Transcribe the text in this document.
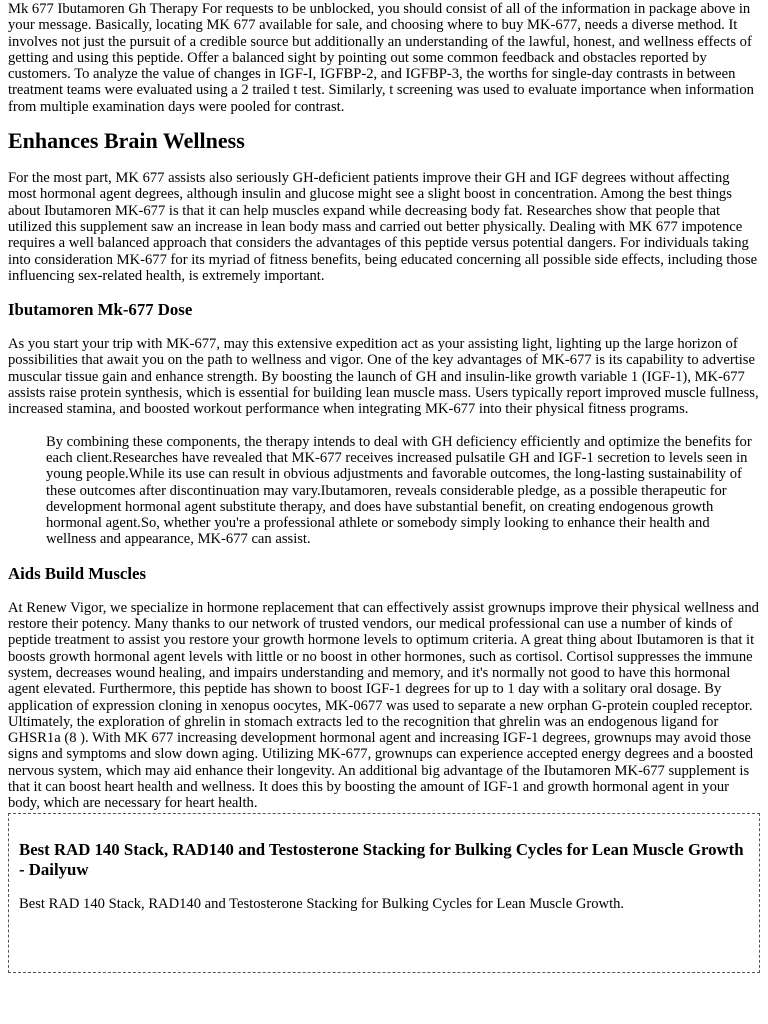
Mk 677 Ibutamoren Gh Therapy For requests to be unblocked, you should consist of all of the information in package above in your message. Basically, locating MK 677 available for sale, and choosing where to buy MK-677, needs a diverse method. It involves not just the pursuit of a credible source but additionally an understanding of the lawful, honest, and wellness effects of getting and using this peptide. Offer a balanced sight by pointing out some common feedback and obstacles reported by customers. To analyze the value of changes in IGF-I, IGFBP-2, and IGFBP-3, the worths for single-day contrasts in between treatment teams were evaluated using a 2 trailed t test. Similarly, t screening was used to evaluate importance when information from multiple examination days were pooled for contrast.

Enhances Brain Wellness

For the most part, MK 677 assists also seriously GH-deficient patients improve their GH and IGF degrees without affecting most hormonal agent degrees, although insulin and glucose might see a slight boost in concentration. Among the best things about Ibutamoren MK-677 is that it can help muscles expand while decreasing body fat. Researches show that people that utilized this supplement saw an increase in lean body mass and carried out better physically. Dealing with MK 677 impotence requires a well balanced approach that considers the advantages of this peptide versus potential dangers. For individuals taking into consideration MK-677 for its myriad of fitness benefits, being educated concerning all possible side effects, including those influencing sex-related health, is extremely important.

Ibutamoren Mk-677 Dose

As you start your trip with MK-677, may this extensive expedition act as your assisting light, lighting up the large horizon of possibilities that await you on the path to wellness and vigor. One of the key advantages of MK-677 is its capability to advertise muscular tissue gain and enhance strength. By boosting the launch of GH and insulin-like growth variable 1 (IGF-1), MK-677 assists raise protein synthesis, which is essential for building lean muscle mass. Users typically report improved muscle fullness, increased stamina, and boosted workout performance when integrating MK-677 into their physical fitness programs.

By combining these components, the therapy intends to deal with GH deficiency efficiently and optimize the benefits for each client.Researches have revealed that MK-677 receives increased pulsatile GH and IGF-1 secretion to levels seen in young people.While its use can result in obvious adjustments and favorable outcomes, the long-lasting sustainability of these outcomes after discontinuation may vary.Ibutamoren, reveals considerable pledge, as a possible therapeutic for development hormonal agent substitute therapy, and does have substantial benefit, on creating endogenous growth hormonal agent.So, whether you're a professional athlete or somebody simply looking to enhance their health and wellness and appearance, MK-677 can assist.
Aids Build Muscles

At Renew Vigor, we specialize in hormone replacement that can effectively assist grownups improve their physical wellness and restore their potency. Many thanks to our network of trusted vendors, our medical professional can use a number of kinds of peptide treatment to assist you restore your growth hormone levels to optimum criteria. A great thing about Ibutamoren is that it boosts growth hormonal agent levels with little or no boost in other hormones, such as cortisol. Cortisol suppresses the immune system, decreases wound healing, and impairs understanding and memory, and it's normally not good to have this hormonal agent elevated. Furthermore, this peptide has shown to boost IGF-1 degrees for up to 1 day with a solitary oral dosage. By application of expression cloning in xenopus oocytes, MK-0677 was used to separate a new orphan G-protein coupled receptor. Ultimately, the exploration of ghrelin in stomach extracts led to the recognition that ghrelin was an endogenous ligand for GHSR1a (8 ). With MK 677 increasing development hormonal agent and increasing IGF-1 degrees, grownups may avoid those signs and symptoms and slow down aging. Utilizing MK-677, grownups can experience accepted energy degrees and a boosted nervous system, which may aid enhance their longevity. An additional big advantage of the Ibutamoren MK-677 supplement is that it can boost heart health and wellness. It does this by boosting the amount of IGF-1 and growth hormonal agent in your body, which are necessary for heart health.

Best RAD 140 Stack, RAD140 and Testosterone Stacking for Bulking Cycles for Lean Muscle Growth - Dailyuw

Best RAD 140 Stack, RAD140 and Testosterone Stacking for Bulking Cycles for Lean Muscle Growth.
